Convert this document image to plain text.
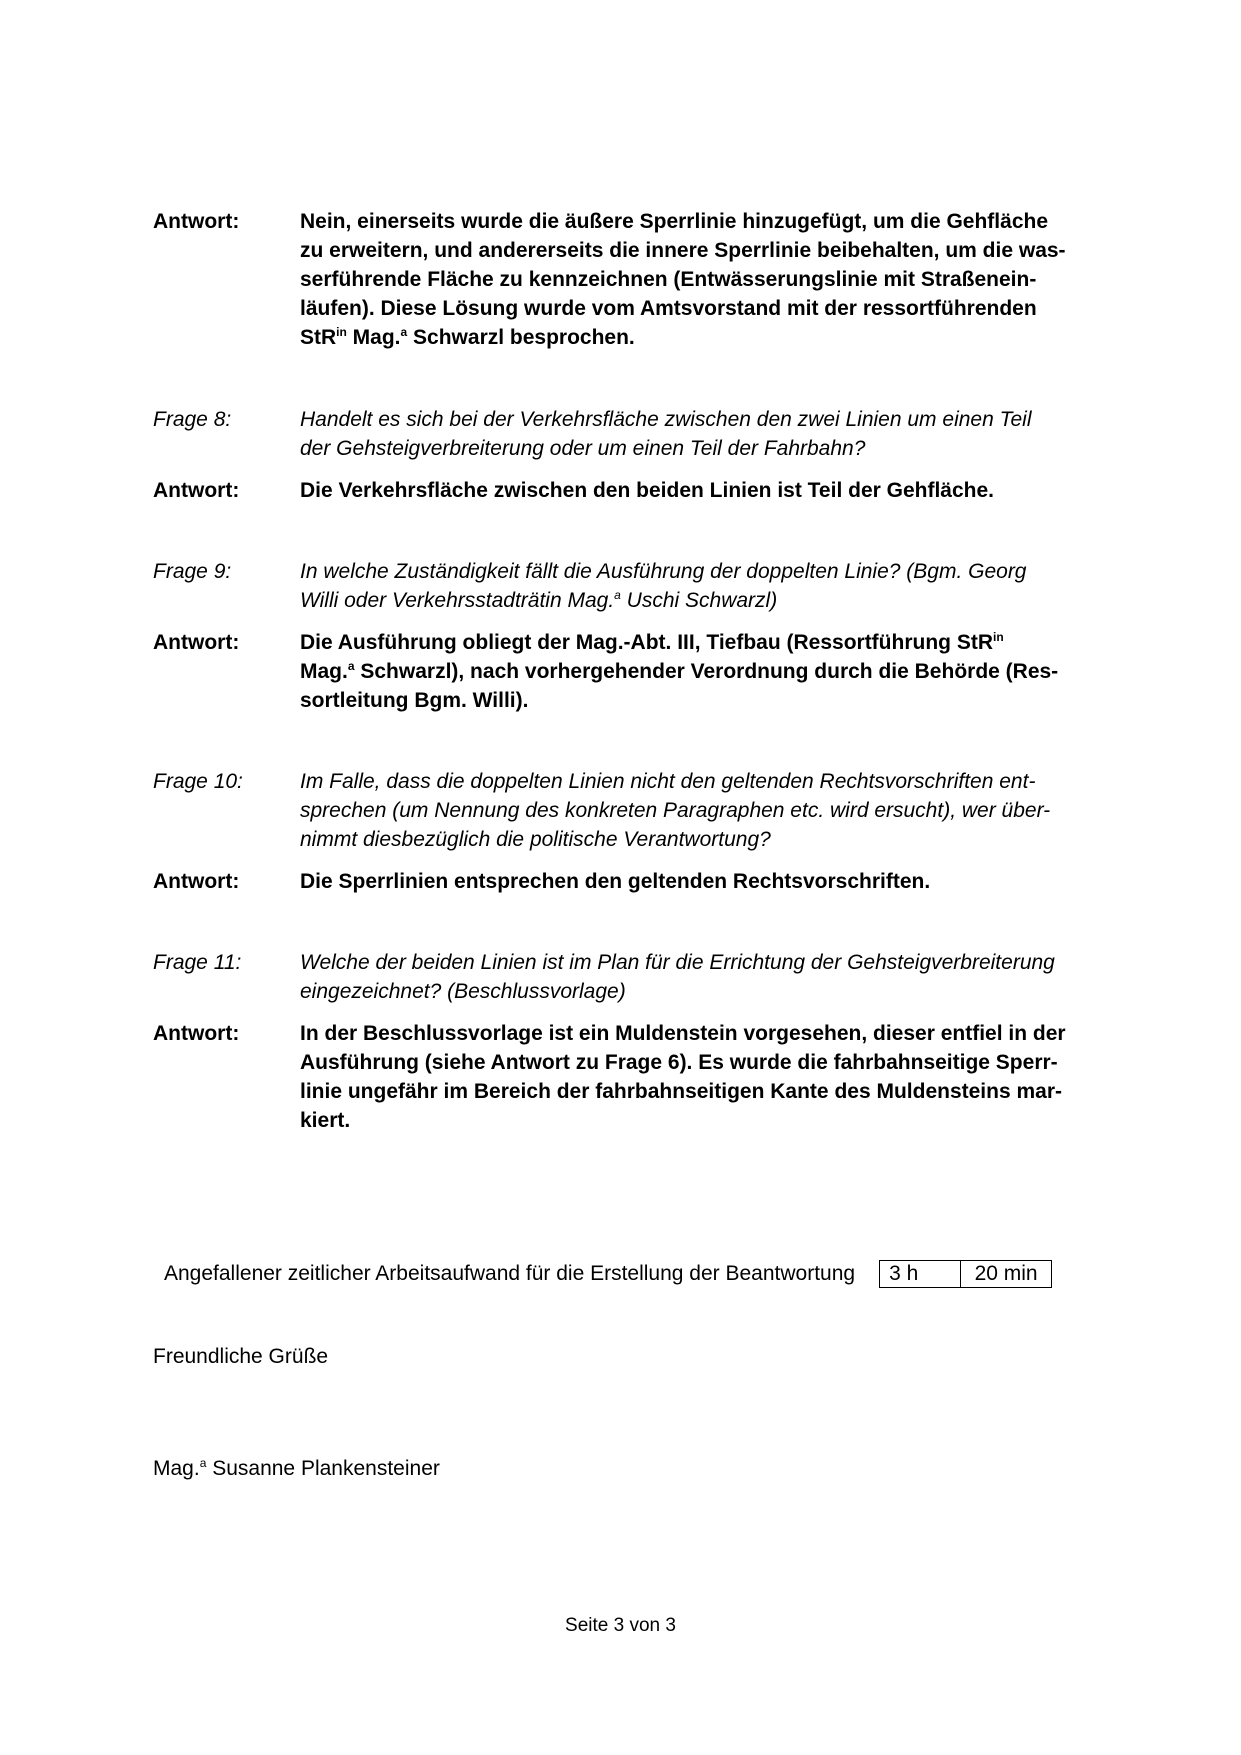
Antwort:	Nein, einerseits wurde die äußere Sperrlinie hinzugefügt, um die Gehfläche
zu erweitern, und andererseits die innere Sperrlinie beibehalten, um die was-
serführende Fläche zu kennzeichnen (Entwässerungslinie mit Straßenein-
läufen). Diese Lösung wurde vom Amtsvorstand mit der ressortführenden
StR$^{in}$ Mag.$^a$ Schwarzl besprochen.
Frage 8:	Handelt es sich bei der Verkehrsfläche zwischen den zwei Linien um einen Teil
der Gehsteigverbreiterung oder um einen Teil der Fahrbahn?
Antwort:	Die Verkehrsfläche zwischen den beiden Linien ist Teil der Gehfläche.
Frage 9:	In welche Zuständigkeit fällt die Ausführung der doppelten Linie? (Bgm. Georg
Willi oder Verkehrsstadträtin Mag.$^a$ Uschi Schwarzl)
Antwort:	Die Ausführung obliegt der Mag.-Abt. III, Tiefbau (Ressortführung StR$^{in}$
Mag.$^a$ Schwarzl), nach vorhergehender Verordnung durch die Behörde (Res-
sortleitung Bgm. Willi).
Frage 10:	Im Falle, dass die doppelten Linien nicht den geltenden Rechtsvorschriften ent-
sprechen (um Nennung des konkreten Paragraphen etc. wird ersucht), wer über-
nimmt diesbezüglich die politische Verantwortung?
Antwort:	Die Sperrlinien entsprechen den geltenden Rechtsvorschriften.
Frage 11:	Welche der beiden Linien ist im Plan für die Errichtung der Gehsteigverbreiterung
eingezeichnet? (Beschlussvorlage)
Antwort:	In der Beschlussvorlage ist ein Muldenstein vorgesehen, dieser entfiel in der
Ausführung (siehe Antwort zu Frage 6). Es wurde die fahrbahnseitige Sperr-
linie ungefähr im Bereich der fahrbahnseitigen Kante des Muldensteins mar-
kiert.
Angefallener zeitlicher Arbeitsaufwand für die Erstellung der Beantwortung	3 h	20 min
Freundliche Grüße
Mag.$^a$ Susanne Plankensteiner
Seite 3 von 3
